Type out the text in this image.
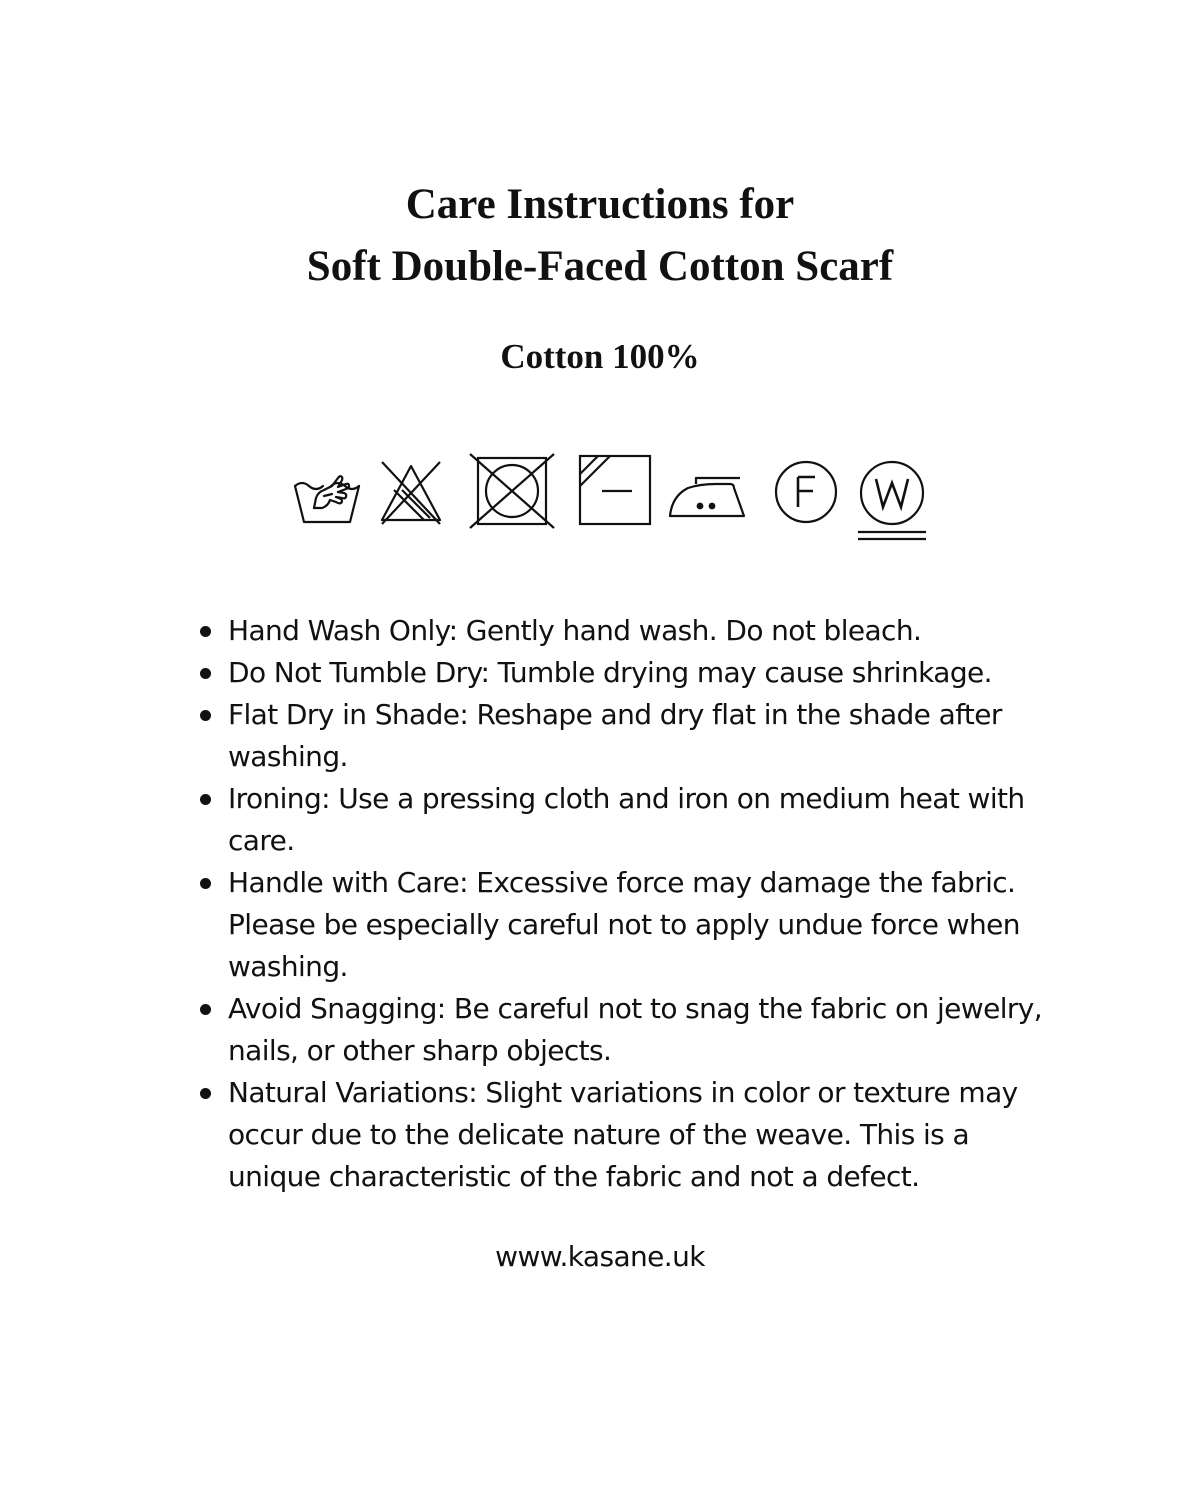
Care Instructions for
Soft Double-Faced Cotton Scarf
Cotton 100%
Hand Wash Only: Gently hand wash. Do not bleach.
Do Not Tumble Dry: Tumble drying may cause shrinkage.
Flat Dry in Shade: Reshape and dry flat in the shade after washing.
Ironing: Use a pressing cloth and iron on medium heat with care.
Handle with Care: Excessive force may damage the fabric. Please be especially careful not to apply undue force when washing.
Avoid Snagging: Be careful not to snag the fabric on jewelry, nails, or other sharp objects.
Natural Variations: Slight variations in color or texture may occur due to the delicate nature of the weave. This is a unique characteristic of the fabric and not a defect.

www.kasane.uk
